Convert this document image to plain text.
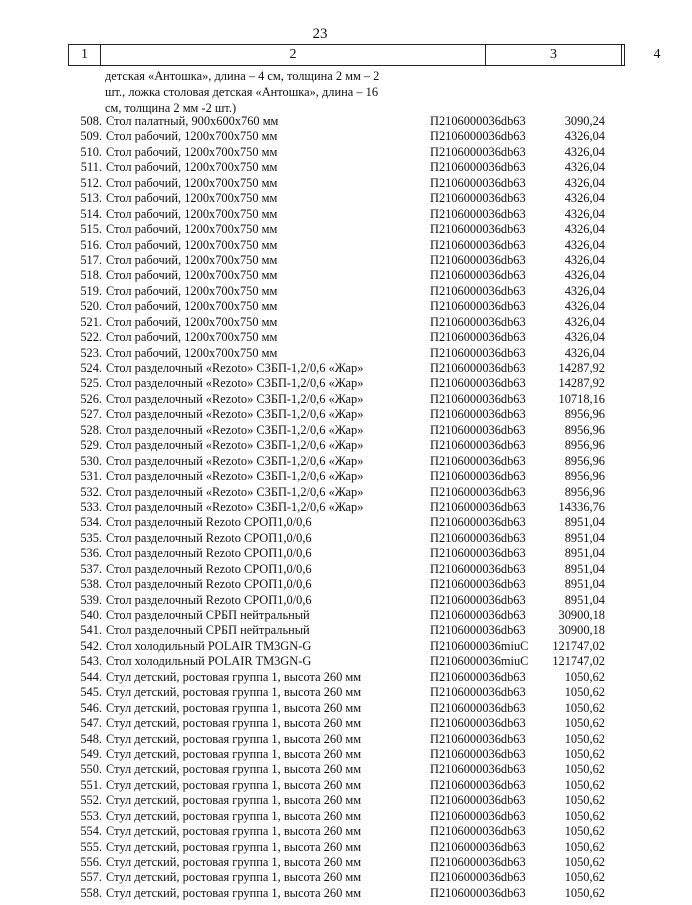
23
1	2	3	4
детская «Антошка», длина – 4 см, толщина 2 мм – 2
шт., ложка столовая детская «Антошка», длина – 16
см, толщина 2 мм -2 шт.)
508. Стол палатный, 900х600х760 мм	П2106000036db63	3090,24
509. Стол рабочий, 1200х700х750 мм	П2106000036db63	4326,04
510. Стол рабочий, 1200х700х750 мм	П2106000036db63	4326,04
511. Стол рабочий, 1200х700х750 мм	П2106000036db63	4326,04
512. Стол рабочий, 1200х700х750 мм	П2106000036db63	4326,04
513. Стол рабочий, 1200х700х750 мм	П2106000036db63	4326,04
514. Стол рабочий, 1200х700х750 мм	П2106000036db63	4326,04
515. Стол рабочий, 1200х700х750 мм	П2106000036db63	4326,04
516. Стол рабочий, 1200х700х750 мм	П2106000036db63	4326,04
517. Стол рабочий, 1200х700х750 мм	П2106000036db63	4326,04
518. Стол рабочий, 1200х700х750 мм	П2106000036db63	4326,04
519. Стол рабочий, 1200х700х750 мм	П2106000036db63	4326,04
520. Стол рабочий, 1200х700х750 мм	П2106000036db63	4326,04
521. Стол рабочий, 1200х700х750 мм	П2106000036db63	4326,04
522. Стол рабочий, 1200х700х750 мм	П2106000036db63	4326,04
523. Стол рабочий, 1200х700х750 мм	П2106000036db63	4326,04
524. Стол разделочный «Rezoto» СЗБП-1,2/0,6 «Жар»	П2106000036db63	14287,92
525. Стол разделочный «Rezoto» СЗБП-1,2/0,6 «Жар»	П2106000036db63	14287,92
526. Стол разделочный «Rezoto» СЗБП-1,2/0,6 «Жар»	П2106000036db63	10718,16
527. Стол разделочный «Rezoto» СЗБП-1,2/0,6 «Жар»	П2106000036db63	8956,96
528. Стол разделочный «Rezoto» СЗБП-1,2/0,6 «Жар»	П2106000036db63	8956,96
529. Стол разделочный «Rezoto» СЗБП-1,2/0,6 «Жар»	П2106000036db63	8956,96
530. Стол разделочный «Rezoto» СЗБП-1,2/0,6 «Жар»	П2106000036db63	8956,96
531. Стол разделочный «Rezoto» СЗБП-1,2/0,6 «Жар»	П2106000036db63	8956,96
532. Стол разделочный «Rezoto» СЗБП-1,2/0,6 «Жар»	П2106000036db63	8956,96
533. Стол разделочный «Rezoto» СЗБП-1,2/0,6 «Жар»	П2106000036db63	14336,76
534. Стол разделочный Rezoto СРОП1,0/0,6	П2106000036db63	8951,04
535. Стол разделочный Rezoto СРОП1,0/0,6	П2106000036db63	8951,04
536. Стол разделочный Rezoto СРОП1,0/0,6	П2106000036db63	8951,04
537. Стол разделочный Rezoto СРОП1,0/0,6	П2106000036db63	8951,04
538. Стол разделочный Rezoto СРОП1,0/0,6	П2106000036db63	8951,04
539. Стол разделочный Rezoto СРОП1,0/0,6	П2106000036db63	8951,04
540. Стол разделочный СРБП нейтральный	П2106000036db63	30900,18
541. Стол разделочный СРБП нейтральный	П2106000036db63	30900,18
542. Стол холодильный POLAIR TM3GN-G	П2106000036miuC	121747,02
543. Стол холодильный POLAIR TM3GN-G	П2106000036miuC	121747,02
544. Стул детский, ростовая группа 1, высота 260 мм	П2106000036db63	1050,62
545. Стул детский, ростовая группа 1, высота 260 мм	П2106000036db63	1050,62
546. Стул детский, ростовая группа 1, высота 260 мм	П2106000036db63	1050,62
547. Стул детский, ростовая группа 1, высота 260 мм	П2106000036db63	1050,62
548. Стул детский, ростовая группа 1, высота 260 мм	П2106000036db63	1050,62
549. Стул детский, ростовая группа 1, высота 260 мм	П2106000036db63	1050,62
550. Стул детский, ростовая группа 1, высота 260 мм	П2106000036db63	1050,62
551. Стул детский, ростовая группа 1, высота 260 мм	П2106000036db63	1050,62
552. Стул детский, ростовая группа 1, высота 260 мм	П2106000036db63	1050,62
553. Стул детский, ростовая группа 1, высота 260 мм	П2106000036db63	1050,62
554. Стул детский, ростовая группа 1, высота 260 мм	П2106000036db63	1050,62
555. Стул детский, ростовая группа 1, высота 260 мм	П2106000036db63	1050,62
556. Стул детский, ростовая группа 1, высота 260 мм	П2106000036db63	1050,62
557. Стул детский, ростовая группа 1, высота 260 мм	П2106000036db63	1050,62
558. Стул детский, ростовая группа 1, высота 260 мм	П2106000036db63	1050,62
